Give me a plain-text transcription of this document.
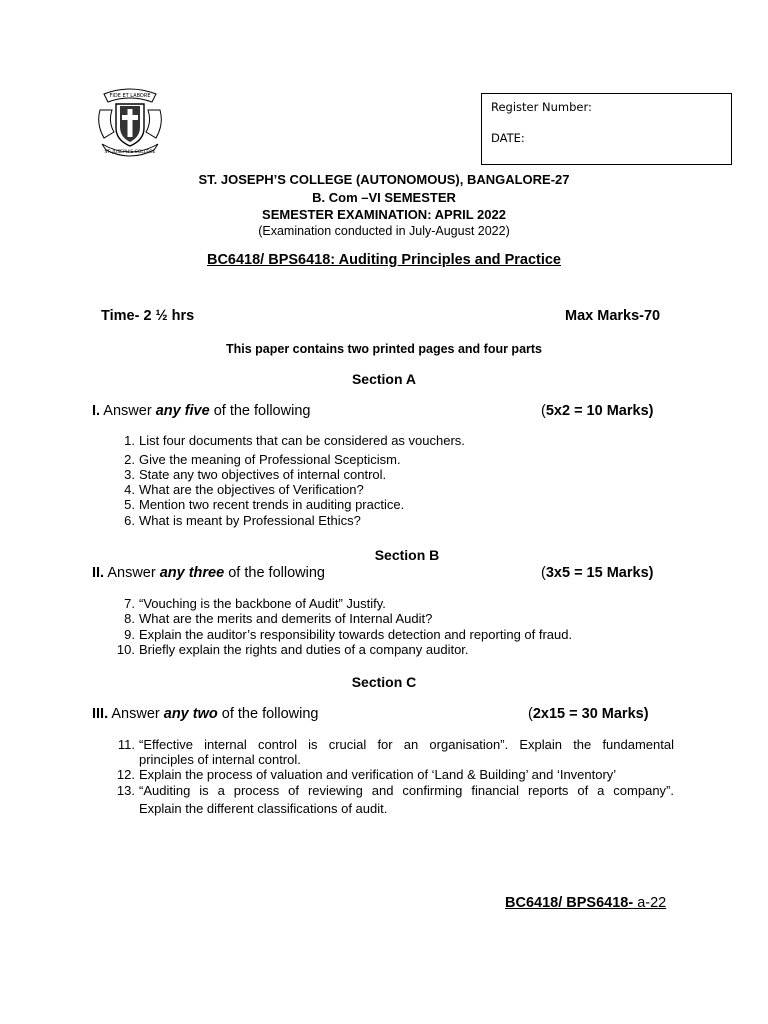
FIDE ET LABORE
ST. JOSEPH'S COLLEGE
Register Number:
DATE:
ST. JOSEPH’S COLLEGE (AUTONOMOUS), BANGALORE-27
B. Com –VI SEMESTER
SEMESTER EXAMINATION: APRIL 2022
(Examination conducted in July-August 2022)
BC6418/ BPS6418: Auditing Principles and Practice
Time- 2 ½ hrs	Max Marks-70
This paper contains two printed pages and four parts
Section A
I. Answer any five of the following	(5x2 = 10 Marks)
1. List four documents that can be considered as vouchers.
2. Give the meaning of Professional Scepticism.
3. State any two objectives of internal control.
4. What are the objectives of Verification?
5. Mention two recent trends in auditing practice.
6. What is meant by Professional Ethics?
Section B
II. Answer any three of the following	(3x5 = 15 Marks)
7. “Vouching is the backbone of Audit” Justify.
8. What are the merits and demerits of Internal Audit?
9. Explain the auditor’s responsibility towards detection and reporting of fraud.
10. Briefly explain the rights and duties of a company auditor.
Section C
III. Answer any two of the following	(2x15 = 30 Marks)
11. “Effective internal control is crucial for an organisation”. Explain the fundamental
principles of internal control.
12. Explain the process of valuation and verification of ‘Land & Building’ and ‘Inventory’
13. “Auditing is a process of reviewing and confirming financial reports of a company”.
Explain the different classifications of audit.
BC6418/ BPS6418- a-22
